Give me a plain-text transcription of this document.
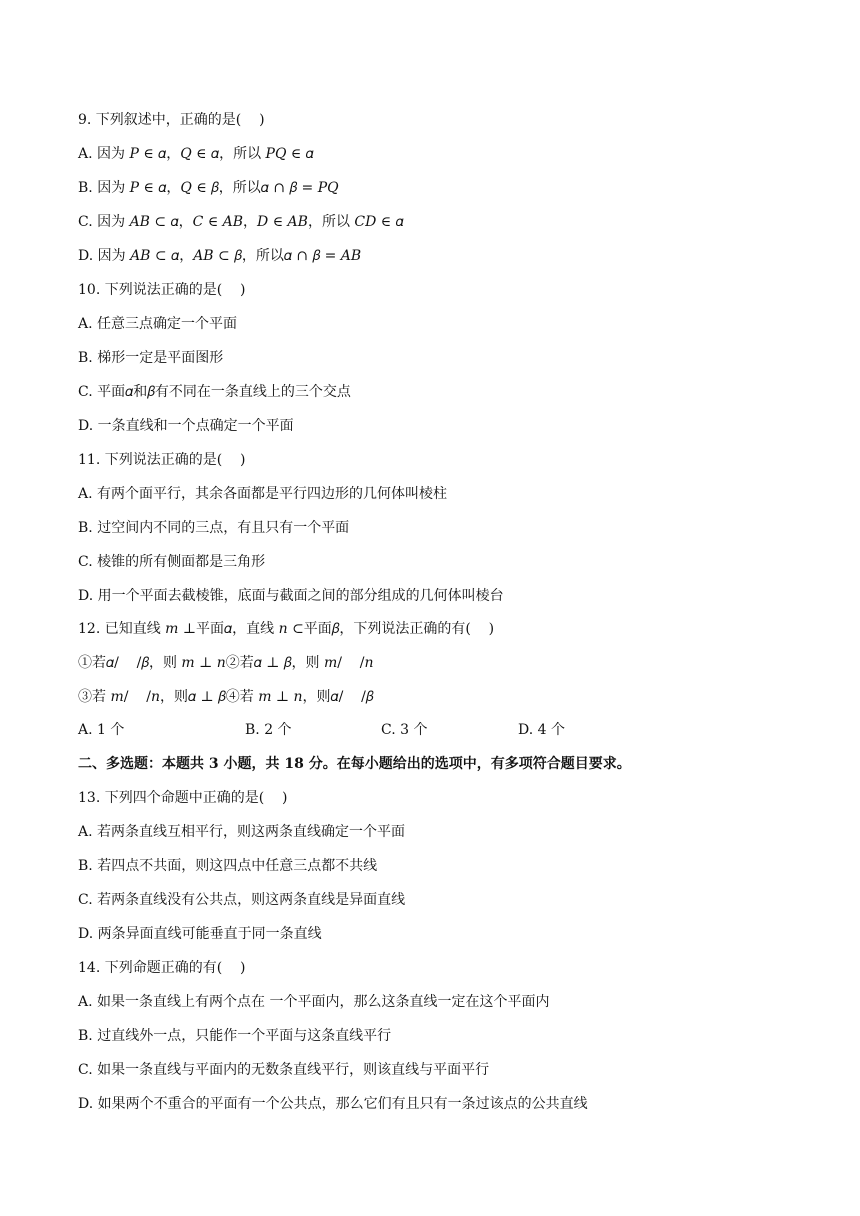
9. 下列叙述中，正确的是(    )
A. 因为 𝑃 ∈ 𝛼，𝑄 ∈ 𝛼，所以 𝑃𝑄 ∈ 𝛼
B. 因为 𝑃 ∈ 𝛼，𝑄 ∈ 𝛽，所以𝛼 ∩ 𝛽 = 𝑃𝑄
C. 因为 𝐴𝐵 ⊂ 𝛼，𝐶 ∈ 𝐴𝐵，𝐷 ∈ 𝐴𝐵，所以 𝐶𝐷 ∈ 𝛼
D. 因为 𝐴𝐵 ⊂ 𝛼，𝐴𝐵 ⊂ 𝛽，所以𝛼 ∩ 𝛽 = 𝐴𝐵
10. 下列说法正确的是(    )
A. 任意三点确定一个平面
B. 梯形一定是平面图形
C. 平面𝛼和𝛽有不同在一条直线上的三个交点
D. 一条直线和一个点确定一个平面
11. 下列说法正确的是(    )
A. 有两个面平行，其余各面都是平行四边形的几何体叫棱柱
B. 过空间内不同的三点，有且只有一个平面
C. 棱锥的所有侧面都是三角形
D. 用一个平面去截棱锥，底面与截面之间的部分组成的几何体叫棱台
12. 已知直线 𝑚 ⊥平面𝛼，直线 𝑛 ⊂平面𝛽，下列说法正确的有(    )
①若𝛼/    /𝛽，则 𝑚 ⊥ 𝑛②若𝛼 ⊥ 𝛽，则 𝑚/    /𝑛
③若 𝑚/    /𝑛，则𝛼 ⊥ 𝛽④若 𝑚 ⊥ 𝑛，则𝛼/    /𝛽
A. 1 个	B. 2 个	C. 3 个	D. 4 个
二、多选题：本题共 3 小题，共 18 分。在每小题给出的选项中，有多项符合题目要求。
13. 下列四个命题中正确的是(    )
A. 若两条直线互相平行，则这两条直线确定一个平面
B. 若四点不共面，则这四点中任意三点都不共线
C. 若两条直线没有公共点，则这两条直线是异面直线
D. 两条异面直线可能垂直于同一条直线
14. 下列命题正确的有(    )
A. 如果一条直线上有两个点在 一个平面内，那么这条直线一定在这个平面内
B. 过直线外一点，只能作一个平面与这条直线平行
C. 如果一条直线与平面内的无数条直线平行，则该直线与平面平行
D. 如果两个不重合的平面有一个公共点，那么它们有且只有一条过该点的公共直线
